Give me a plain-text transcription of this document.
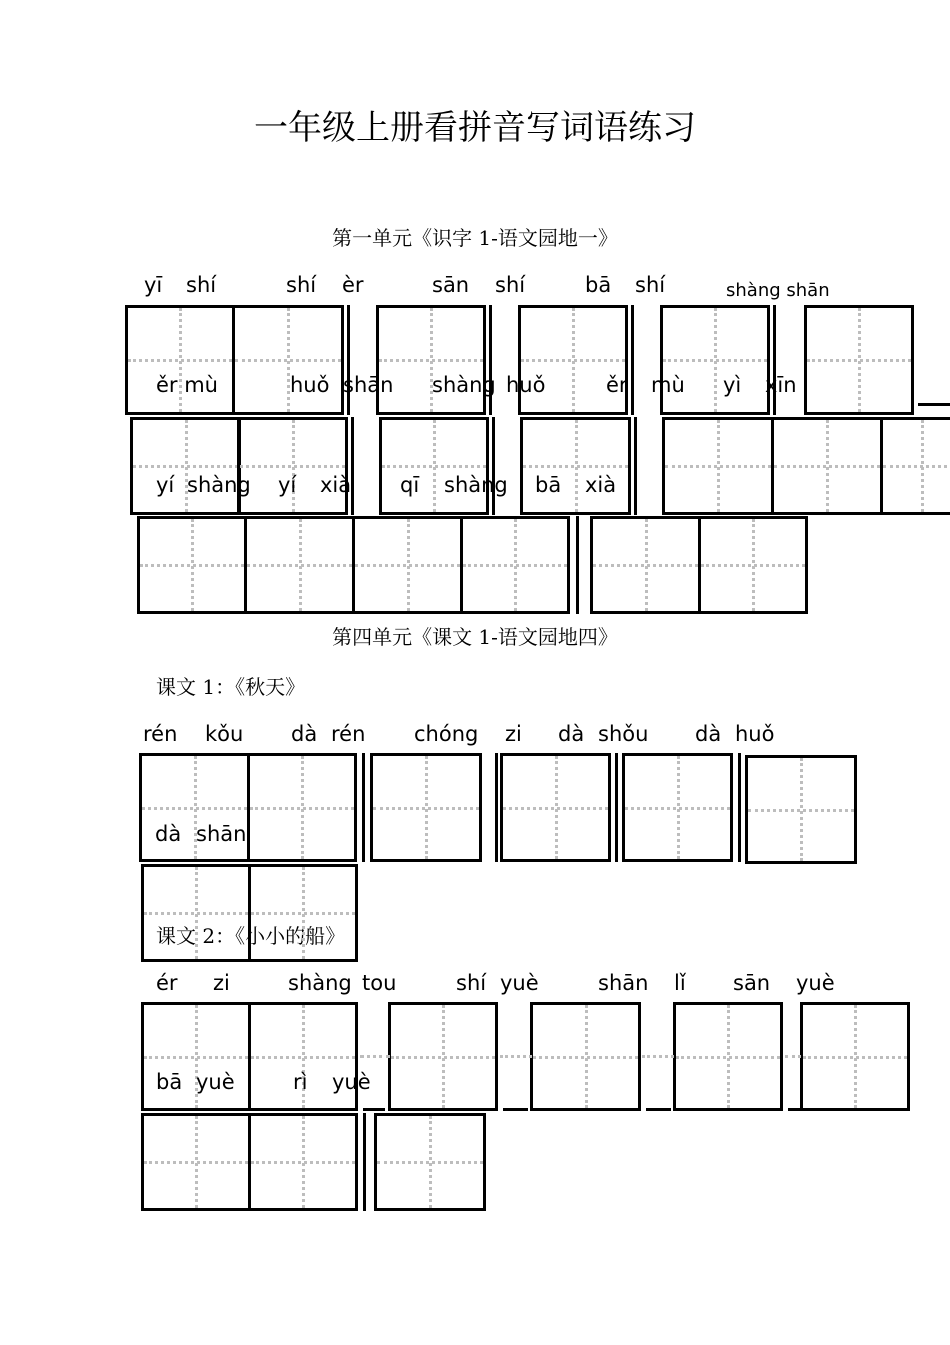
一年级上册看拼音写词语练习
第一单元《识字 1-语文园地一》
第四单元《课文 1-语文园地四》
课文 1：《秋天》
课文 2：《小小的船》
yī shí	shí èr	sān shí	bā shí	shàng shān
ěr mù	huǒ shān shàng huǒ	ěr mù yì xīn
yí shàng yí xià qī shàng bā xià
rén kǒu dà rén chóng zi dà shǒu dà huǒ
dà shān
ér zi	shàng tou	shí yuè	shān lǐ sān yuè
bā yuè	rì yuè
